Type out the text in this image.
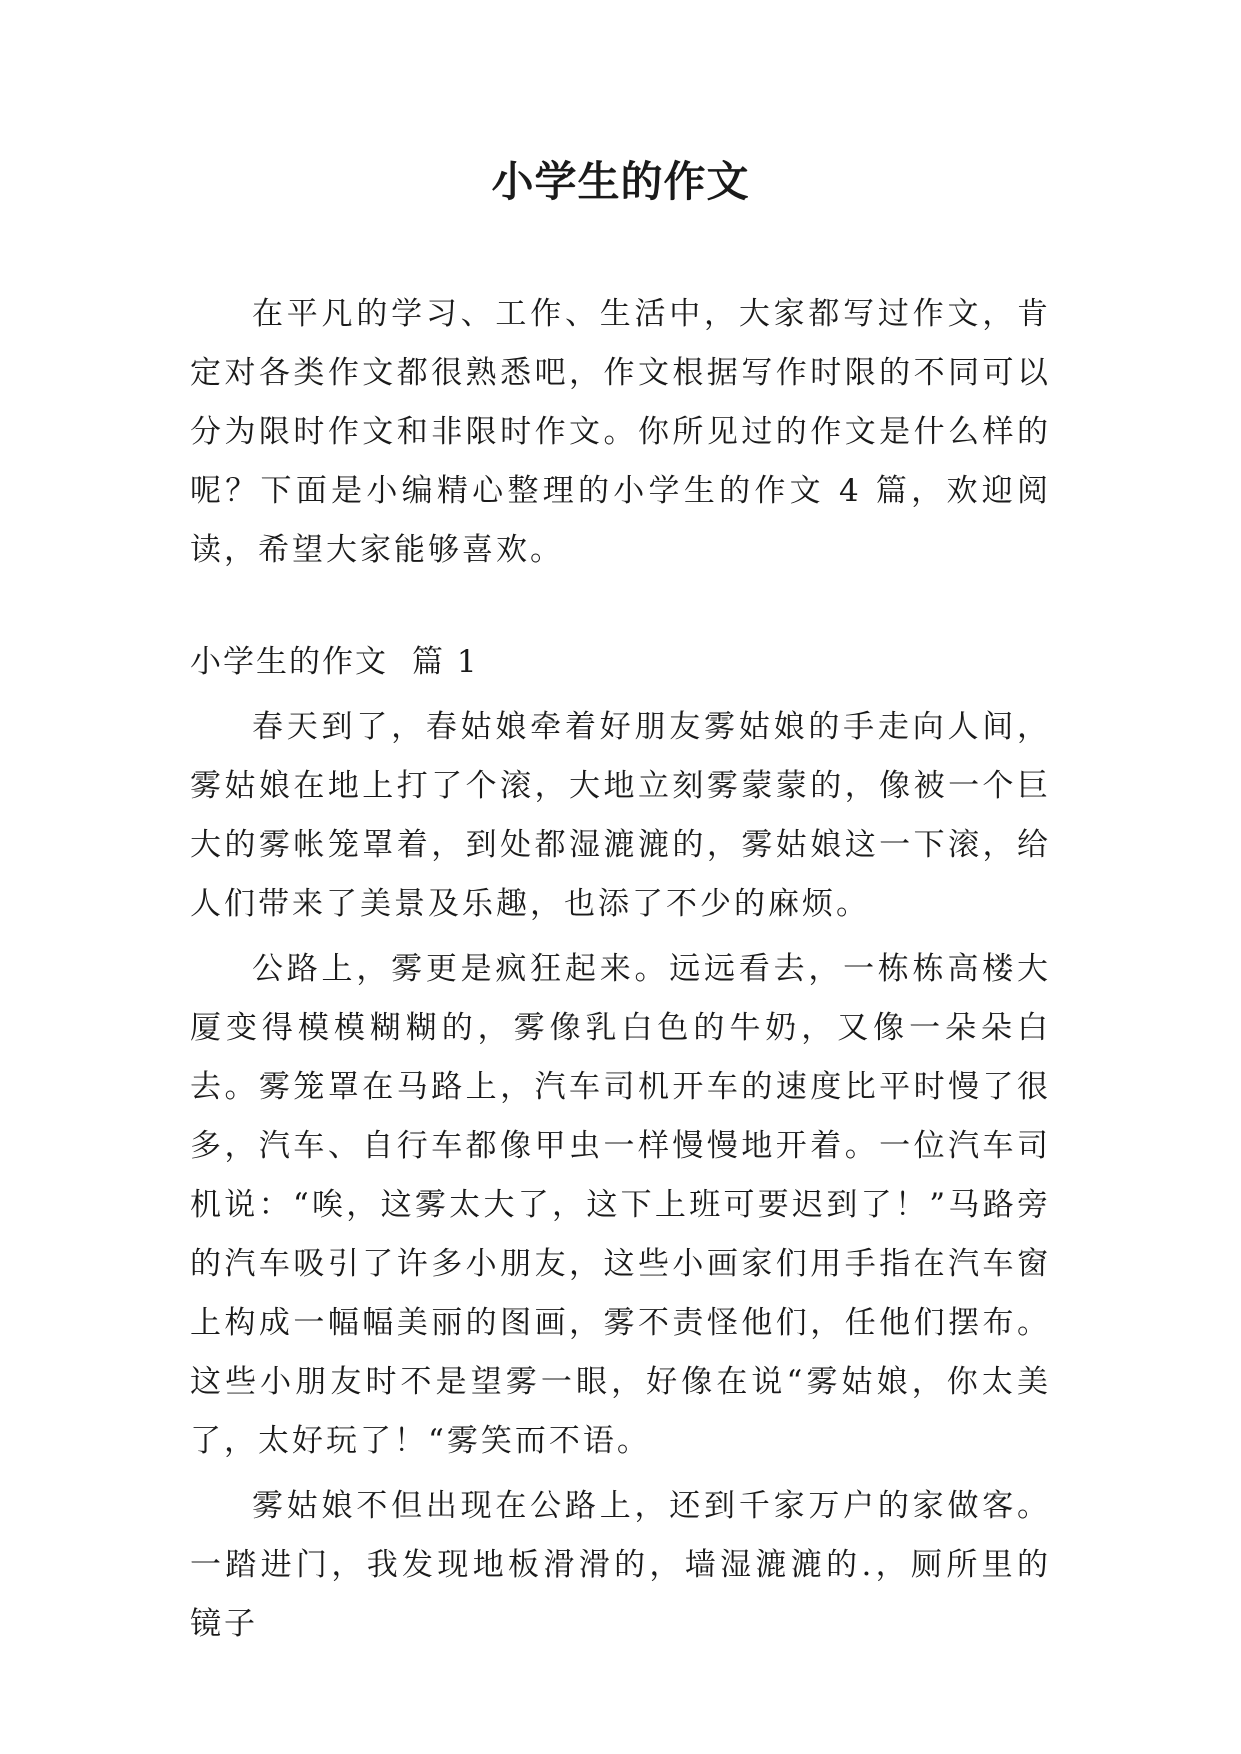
小学生的作文

在平凡的学习、工作、生活中，大家都写过作文，肯定对各类作文都很熟悉吧，作文根据写作时限的不同可以分为限时作文和非限时作文。你所见过的作文是什么样的呢？下面是小编精心整理的小学生的作文 4 篇，欢迎阅读，希望大家能够喜欢。

小学生的作文 篇 1

春天到了，春姑娘牵着好朋友雾姑娘的手走向人间，雾姑娘在地上打了个滚，大地立刻雾蒙蒙的，像被一个巨大的雾帐笼罩着，到处都湿漉漉的，雾姑娘这一下滚，给人们带来了美景及乐趣，也添了不少的麻烦。

公路上，雾更是疯狂起来。远远看去，一栋栋高楼大厦变得模模糊糊的，雾像乳白色的牛奶，又像一朵朵白去。雾笼罩在马路上，汽车司机开车的速度比平时慢了很多，汽车、自行车都像甲虫一样慢慢地开着。一位汽车司机说：“唉，这雾太大了，这下上班可要迟到了！”马路旁的汽车吸引了许多小朋友，这些小画家们用手指在汽车窗上构成一幅幅美丽的图画，雾不责怪他们，任他们摆布。这些小朋友时不是望雾一眼，好像在说“雾姑娘，你太美了，太好玩了！“雾笑而不语。

雾姑娘不但出现在公路上，还到千家万户的家做客。一踏进门，我发现地板滑滑的，墙湿漉漉的.，厕所里的镜子
